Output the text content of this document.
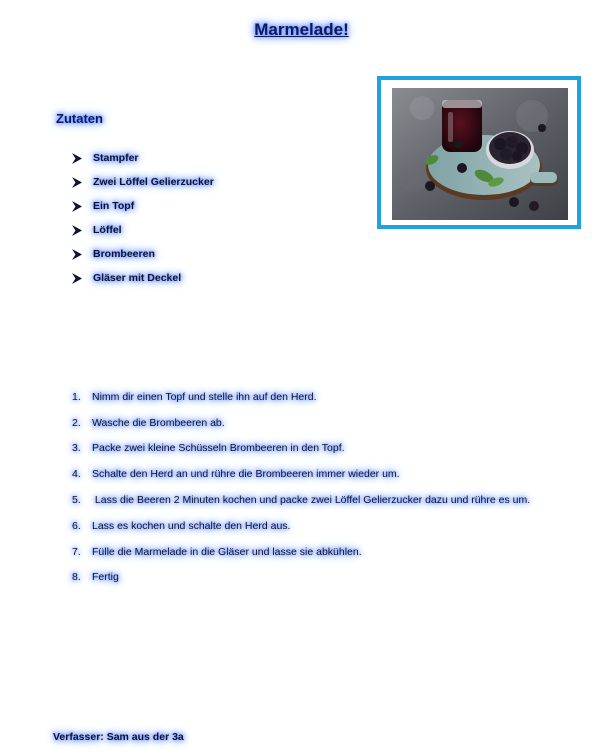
Marmelade!
Zutaten
Stampfer
Zwei Löffel Gelierzucker
Ein Topf
Löffel
Brombeeren
Gläser mit Deckel
1.	Nimm dir einen Topf und stelle ihn auf den Herd.
2.	Wasche die Brombeeren ab.
3.	Packe zwei kleine Schüsseln Brombeeren in den Topf.
4.	Schalte den Herd an und rühre die Brombeeren immer wieder um.
5.	Lass die Beeren 2 Minuten kochen und packe zwei Löffel Gelierzucker dazu und rühre es um.
6.	Lass es kochen und schalte den Herd aus.
7.	Fülle die Marmelade in die Gläser und lasse sie abkühlen.
8.	Fertig
Verfasser: Sam aus der 3a
